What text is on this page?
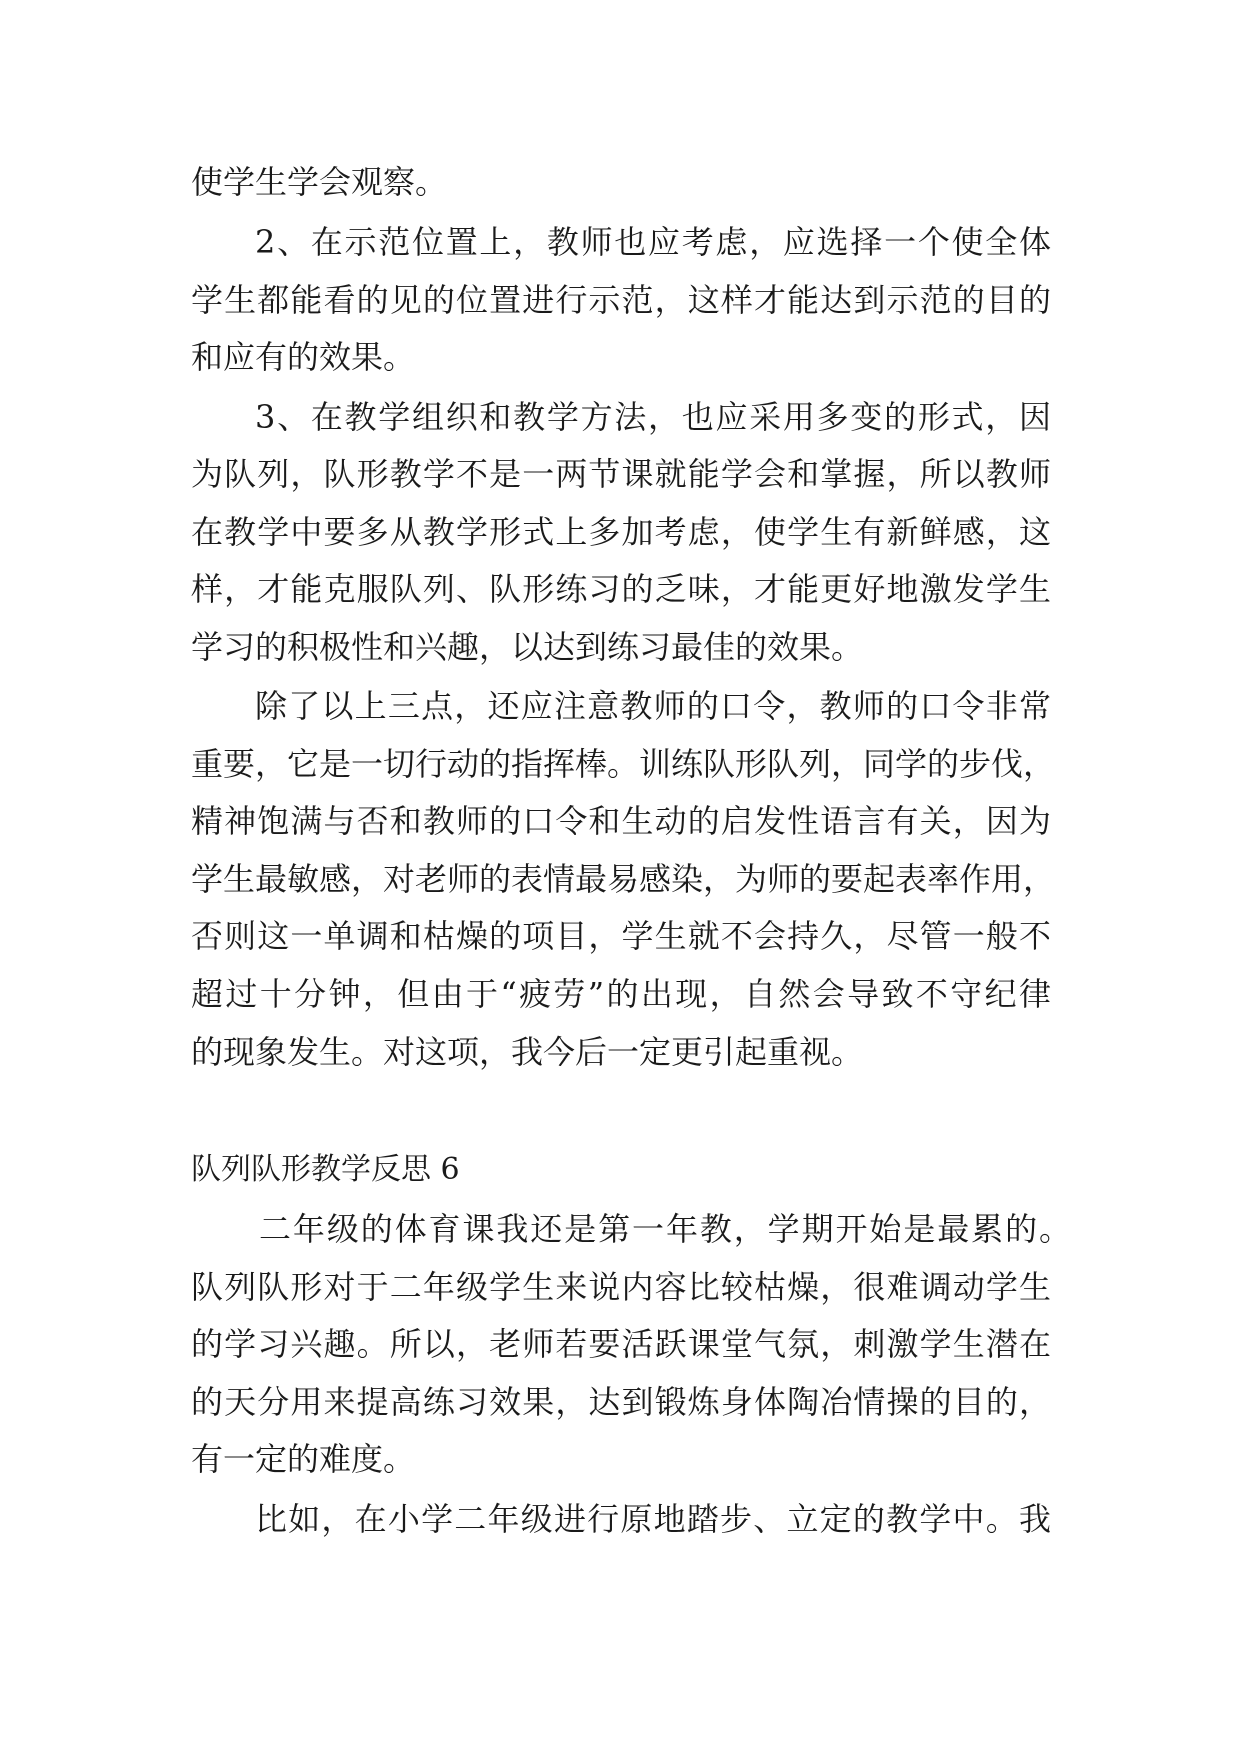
使学生学会观察。
2、在示范位置上，教师也应考虑，应选择一个使全体
学生都能看的见的位置进行示范，这样才能达到示范的目的
和应有的效果。
3、在教学组织和教学方法，也应采用多变的形式，因
为队列，队形教学不是一两节课就能学会和掌握，所以教师
在教学中要多从教学形式上多加考虑，使学生有新鲜感，这
样，才能克服队列、队形练习的乏味，才能更好地激发学生
学习的积极性和兴趣，以达到练习最佳的效果。
除了以上三点，还应注意教师的口令，教师的口令非常
重要，它是一切行动的指挥棒。训练队形队列，同学的步伐，
精神饱满与否和教师的口令和生动的启发性语言有关，因为
学生最敏感，对老师的表情最易感染，为师的要起表率作用，
否则这一单调和枯燥的项目，学生就不会持久，尽管一般不
超过十分钟，但由于“疲劳”的出现，自然会导致不守纪律
的现象发生。对这项，我今后一定更引起重视。
队列队形教学反思 6
二年级的体育课我还是第一年教，学期开始是最累的。
队列队形对于二年级学生来说内容比较枯燥，很难调动学生
的学习兴趣。所以，老师若要活跃课堂气氛，刺激学生潜在
的天分用来提高练习效果，达到锻炼身体陶冶情操的目的，
有一定的难度。
比如，在小学二年级进行原地踏步、立定的教学中。我
